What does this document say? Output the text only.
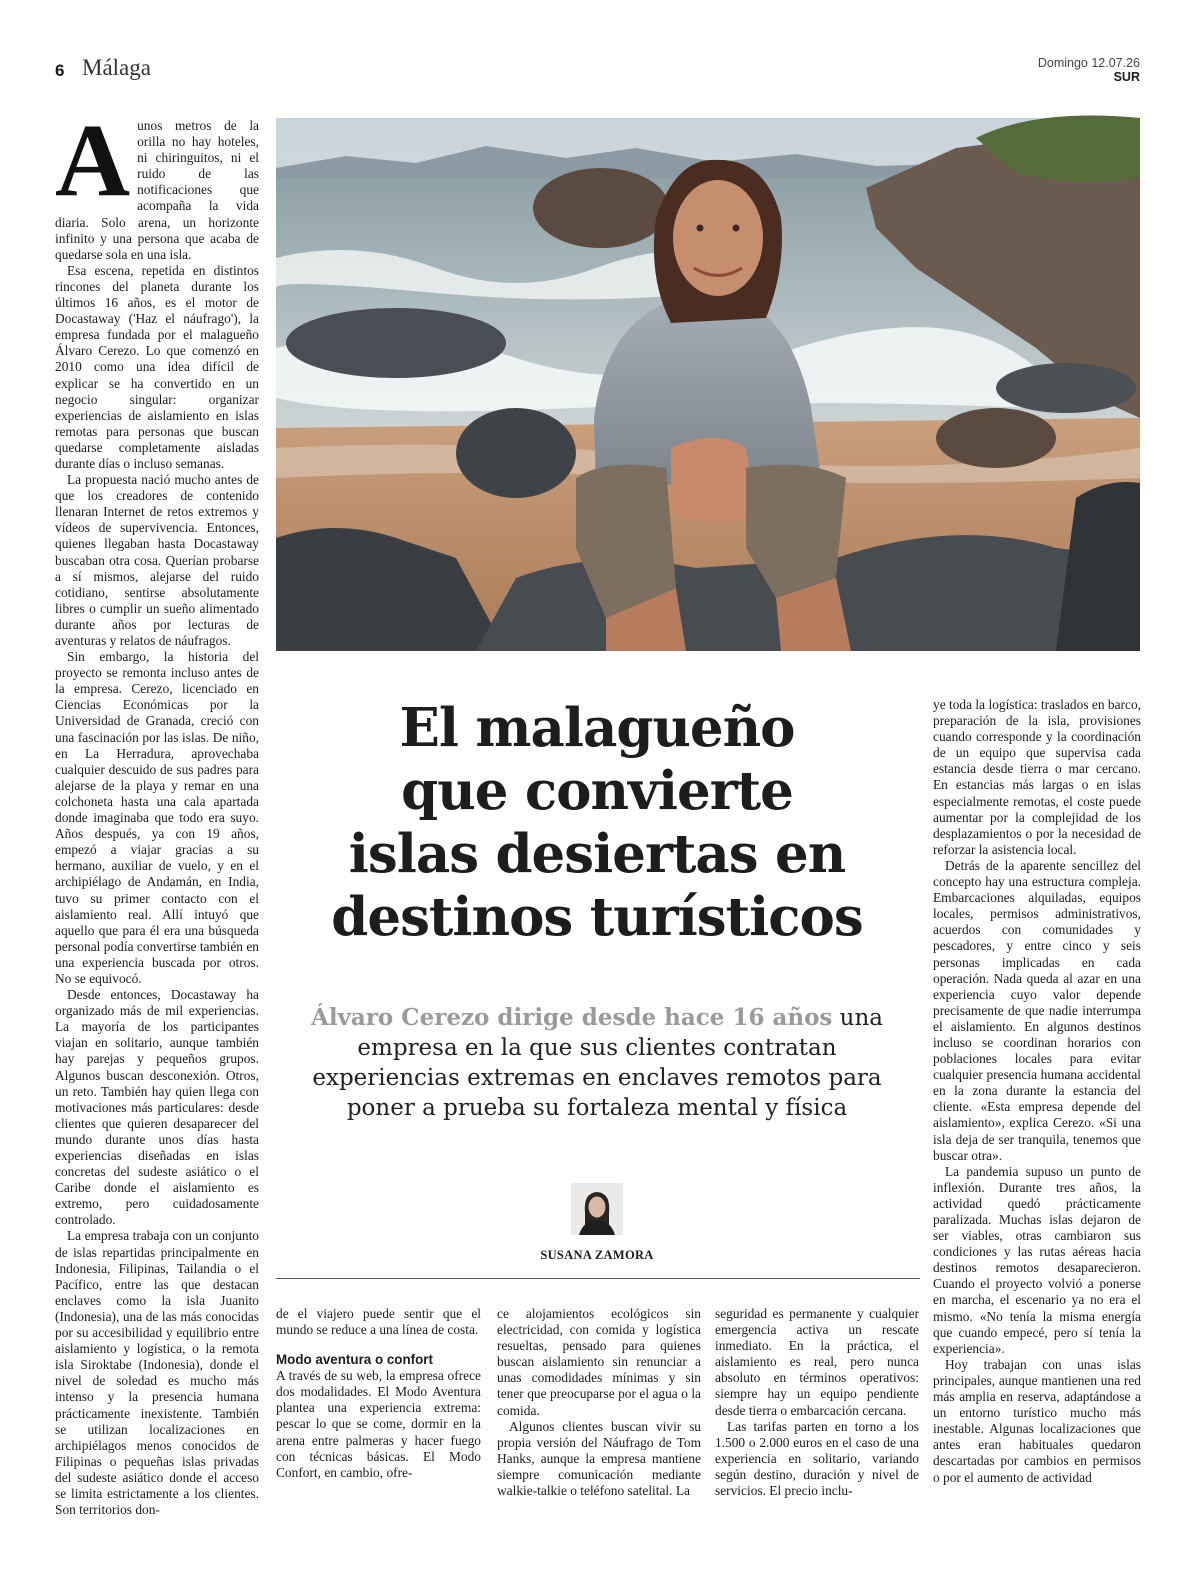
6 Málaga	Domingo 12.07.26
SUR
A unos metros de la orilla no hay hoteles, ni chiringuitos, ni el ruido de las notificaciones que acompaña la vida diaria. Solo arena, un horizonte infinito y una persona que acaba de quedarse sola en una isla.

Esa escena, repetida en distintos rincones del planeta durante los últimos 16 años, es el motor de Docastaway ('Haz el náufrago'), la empresa fundada por el malagueño Álvaro Cerezo. Lo que comenzó en 2010 como una idea difícil de explicar se ha convertido en un negocio singular: organizar experiencias de aislamiento en islas remotas para personas que buscan quedarse completamente aisladas durante días o incluso semanas.

La propuesta nació mucho antes de que los creadores de contenido llenaran Internet de retos extremos y vídeos de supervivencia. Entonces, quienes llegaban hasta Docastaway buscaban otra cosa. Querían probarse a sí mismos, alejarse del ruido cotidiano, sentirse absolutamente libres o cumplir un sueño alimentado durante años por lecturas de aventuras y relatos de náufragos.

Sin embargo, la historia del proyecto se remonta incluso antes de la empresa. Cerezo, licenciado en Ciencias Económicas por la Universidad de Granada, creció con una fascinación por las islas. De niño, en La Herradura, aprovechaba cualquier descuido de sus padres para alejarse de la playa y remar en una colchoneta hasta una cala apartada donde imaginaba que todo era suyo. Años después, ya con 19 años, empezó a viajar gracias a su hermano, auxiliar de vuelo, y en el archipiélago de Andamán, en India, tuvo su primer contacto con el aislamiento real. Allí intuyó que aquello que para él era una búsqueda personal podía convertirse también en una experiencia buscada por otros. No se equivocó.

Desde entonces, Docastaway ha organizado más de mil experiencias. La mayoría de los participantes viajan en solitario, aunque también hay parejas y pequeños grupos. Algunos buscan desconexión. Otros, un reto. También hay quien llega con motivaciones más particulares: desde clientes que quieren desaparecer del mundo durante unos días hasta experiencias diseñadas en islas concretas del sudeste asiático o el Caribe donde el aislamiento es extremo, pero cuidadosamente controlado.

La empresa trabaja con un conjunto de islas repartidas principalmente en Indonesia, Filipinas, Tailandia o el Pacífico, entre las que destacan enclaves como la isla Juanito (Indonesia), una de las más conocidas por su accesibilidad y equilibrio entre aislamiento y logística, o la remota isla Siroktabe (Indonesia), donde el nivel de soledad es mucho más intenso y la presencia humana prácticamente inexistente. También se utilizan localizaciones en archipiélagos menos conocidos de Filipinas o pequeñas islas privadas del sudeste asiático donde el acceso se limita estrictamente a los clientes. Son territorios don-

El malagueño
que convierte
islas desiertas en
destinos turísticos
Álvaro Cerezo dirige desde hace 16 años una empresa en la que sus clientes contratan experiencias extremas en enclaves remotos para poner a prueba su fortaleza mental y física
SUSANA ZAMORA

de el viajero puede sentir que el mundo se reduce a una línea de costa.

Modo aventura o confort

A través de su web, la empresa ofrece dos modalidades. El Modo Aventura plantea una experiencia extrema: pescar lo que se come, dormir en la arena entre palmeras y hacer fuego con técnicas básicas. El Modo Confort, en cambio, ofre-

ce alojamientos ecológicos sin electricidad, con comida y logística resueltas, pensado para quienes buscan aislamiento sin renunciar a unas comodidades mínimas y sin tener que preocuparse por el agua o la comida.

Algunos clientes buscan vivir su propia versión del Náufrago de Tom Hanks, aunque la empresa mantiene siempre comunicación mediante walkie-talkie o teléfono satelital. La

seguridad es permanente y cualquier emergencia activa un rescate inmediato. En la práctica, el aislamiento es real, pero nunca absoluto en términos operativos: siempre hay un equipo pendiente desde tierra o embarcación cercana.

Las tarifas parten en torno a los 1.500 o 2.000 euros en el caso de una experiencia en solitario, variando según destino, duración y nivel de servicios. El precio inclu-

ye toda la logística: traslados en barco, preparación de la isla, provisiones cuando corresponde y la coordinación de un equipo que supervisa cada estancia desde tierra o mar cercano. En estancias más largas o en islas especialmente remotas, el coste puede aumentar por la complejidad de los desplazamientos o por la necesidad de reforzar la asistencia local.

Detrás de la aparente sencillez del concepto hay una estructura compleja. Embarcaciones alquiladas, equipos locales, permisos administrativos, acuerdos con comunidades y pescadores, y entre cinco y seis personas implicadas en cada operación. Nada queda al azar en una experiencia cuyo valor depende precisamente de que nadie interrumpa el aislamiento. En algunos destinos incluso se coordinan horarios con poblaciones locales para evitar cualquier presencia humana accidental en la zona durante la estancia del cliente. «Esta empresa depende del aislamiento», explica Cerezo. «Si una isla deja de ser tranquila, tenemos que buscar otra».

La pandemia supuso un punto de inflexión. Durante tres años, la actividad quedó prácticamente paralizada. Muchas islas dejaron de ser viables, otras cambiaron sus condiciones y las rutas aéreas hacia destinos remotos desaparecieron. Cuando el proyecto volvió a ponerse en marcha, el escenario ya no era el mismo. «No tenía la misma energía que cuando empecé, pero sí tenía la experiencia».

Hoy trabajan con unas islas principales, aunque mantienen una red más amplia en reserva, adaptándose a un entorno turístico mucho más inestable. Algunas localizaciones que antes eran habituales quedaron descartadas por cambios en permisos o por el aumento de actividad
